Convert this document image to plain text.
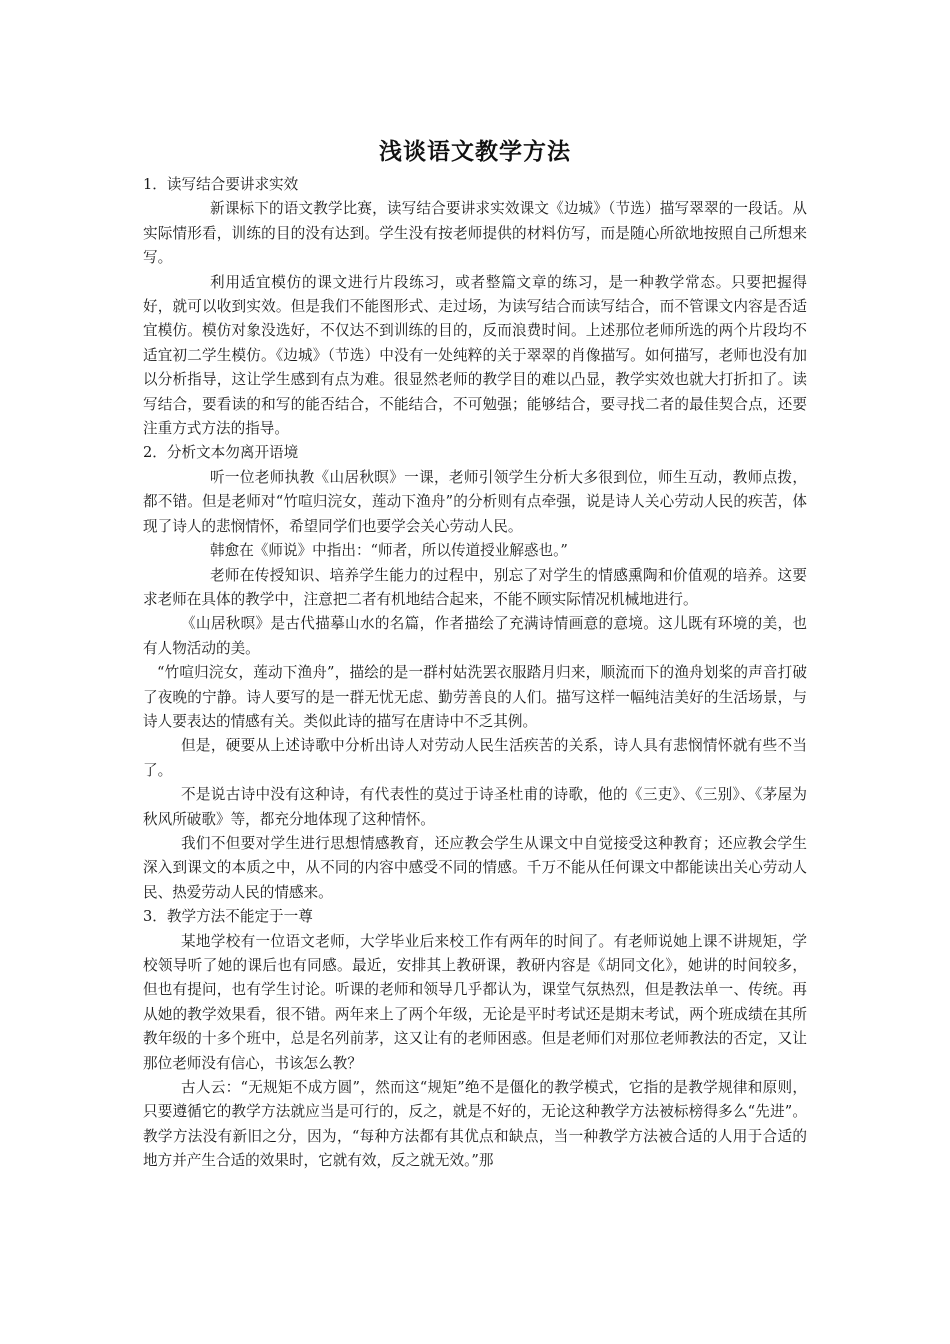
浅谈语文教学方法

1．读写结合要讲求实效

新课标下的语文教学比赛，读写结合要讲求实效课文《边城》（节选）描写翠翠的一段话。从实际情形看，训练的目的没有达到。学生没有按老师提供的材料仿写，而是随心所欲地按照自己所想来写。

利用适宜模仿的课文进行片段练习，或者整篇文章的练习，是一种教学常态。只要把握得好，就可以收到实效。但是我们不能图形式、走过场，为读写结合而读写结合，而不管课文内容是否适宜模仿。模仿对象没选好，不仅达不到训练的目的，反而浪费时间。上述那位老师所选的两个片段均不适宜初二学生模仿。《边城》（节选）中没有一处纯粹的关于翠翠的肖像描写。如何描写，老师也没有加以分析指导，这让学生感到有点为难。很显然老师的教学目的难以凸显，教学实效也就大打折扣了。读写结合，要看读的和写的能否结合，不能结合，不可勉强；能够结合，要寻找二者的最佳契合点，还要注重方式方法的指导。

2．分析文本勿离开语境

听一位老师执教《山居秋暝》一课，老师引领学生分析大多很到位，师生互动，教师点拨，都不错。但是老师对“竹喧归浣女，莲动下渔舟”的分析则有点牵强，说是诗人关心劳动人民的疾苦，体现了诗人的悲悯情怀，希望同学们也要学会关心劳动人民。

韩愈在《师说》中指出：“师者，所以传道授业解惑也。”

老师在传授知识、培养学生能力的过程中，别忘了对学生的情感熏陶和价值观的培养。这要求老师在具体的教学中，注意把二者有机地结合起来，不能不顾实际情况机械地进行。

《山居秋暝》是古代描摹山水的名篇，作者描绘了充满诗情画意的意境。这儿既有环境的美，也有人物活动的美。

“竹喧归浣女，莲动下渔舟”，描绘的是一群村姑洗罢衣服踏月归来，顺流而下的渔舟划桨的声音打破了夜晚的宁静。诗人要写的是一群无忧无虑、勤劳善良的人们。描写这样一幅纯洁美好的生活场景，与诗人要表达的情感有关。类似此诗的描写在唐诗中不乏其例。

但是，硬要从上述诗歌中分析出诗人对劳动人民生活疾苦的关系，诗人具有悲悯情怀就有些不当了。

不是说古诗中没有这种诗，有代表性的莫过于诗圣杜甫的诗歌，他的《三吏》、《三别》、《茅屋为秋风所破歌》等，都充分地体现了这种情怀。

我们不但要对学生进行思想情感教育，还应教会学生从课文中自觉接受这种教育；还应教会学生深入到课文的本质之中，从不同的内容中感受不同的情感。千万不能从任何课文中都能读出关心劳动人民、热爱劳动人民的情感来。

3．教学方法不能定于一尊

某地学校有一位语文老师，大学毕业后来校工作有两年的时间了。有老师说她上课不讲规矩，学校领导听了她的课后也有同感。最近，安排其上教研课，教研内容是《胡同文化》，她讲的时间较多，但也有提问，也有学生讨论。听课的老师和领导几乎都认为，课堂气氛热烈，但是教法单一、传统。再从她的教学效果看，很不错。两年来上了两个年级，无论是平时考试还是期末考试，两个班成绩在其所教年级的十多个班中，总是名列前茅，这又让有的老师困惑。但是老师们对那位老师教法的否定，又让那位老师没有信心，书该怎么教？

古人云：“无规矩不成方圆”，然而这“规矩”绝不是僵化的教学模式，它指的是教学规律和原则，只要遵循它的教学方法就应当是可行的，反之，就是不好的，无论这种教学方法被标榜得多么“先进”。教学方法没有新旧之分，因为，“每种方法都有其优点和缺点，当一种教学方法被合适的人用于合适的地方并产生合适的效果时，它就有效，反之就无效。”那
